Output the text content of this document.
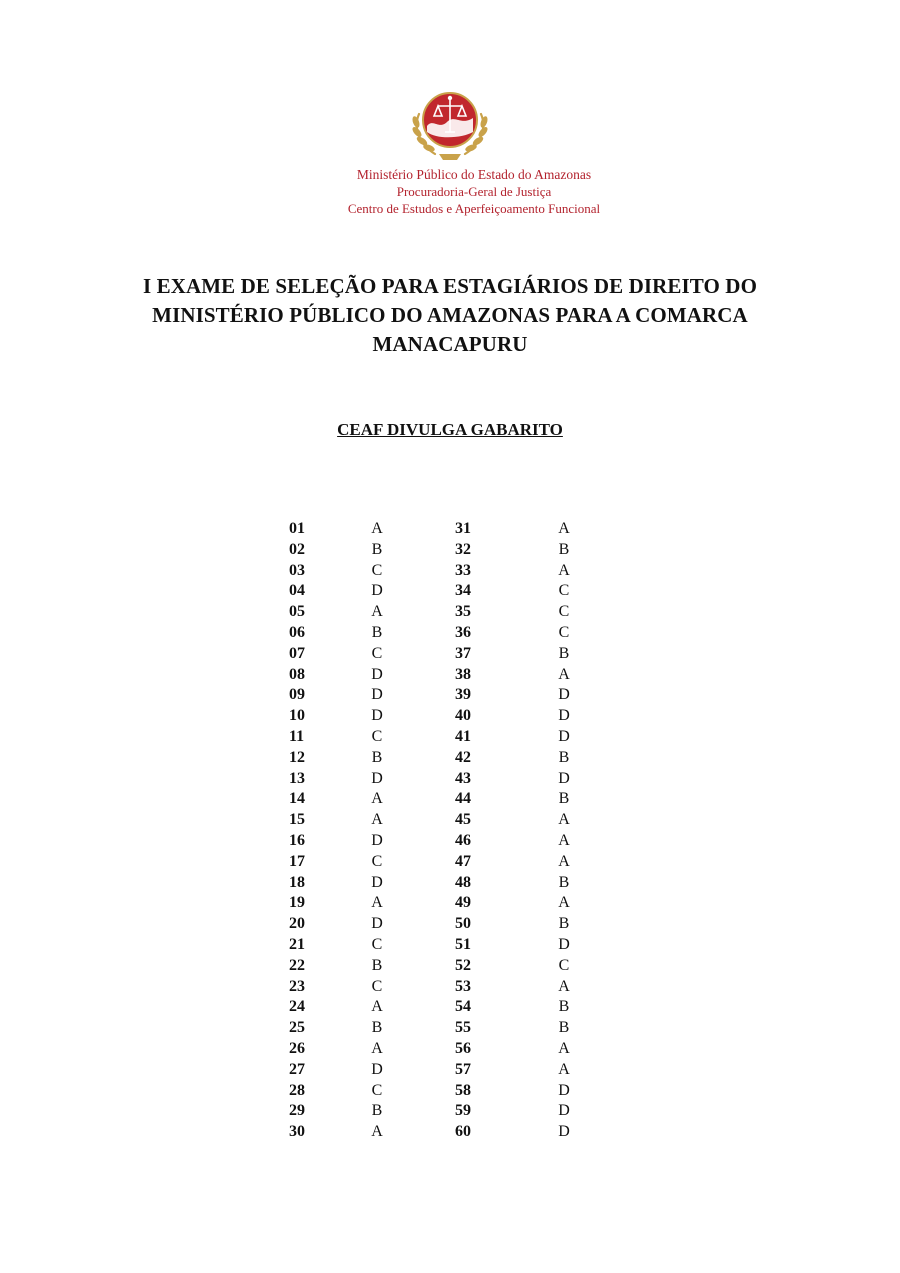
Ministério Público do Estado do Amazonas
Procuradoria-Geral de Justiça
Centro de Estudos e Aperfeiçoamento Funcional
I EXAME DE SELEÇÃO PARA ESTAGIÁRIOS DE DIREITO DO
MINISTÉRIO PÚBLICO DO AMAZONAS PARA A COMARCA
MANACAPURU
CEAF DIVULGA GABARITO
01	A	31	A
02	B	32	B
03	C	33	A
04	D	34	C
05	A	35	C
06	B	36	C
07	C	37	B
08	D	38	A
09	D	39	D
10	D	40	D
11	C	41	D
12	B	42	B
13	D	43	D
14	A	44	B
15	A	45	A
16	D	46	A
17	C	47	A
18	D	48	B
19	A	49	A
20	D	50	B
21	C	51	D
22	B	52	C
23	C	53	A
24	A	54	B
25	B	55	B
26	A	56	A
27	D	57	A
28	C	58	D
29	B	59	D
30	A	60	D
